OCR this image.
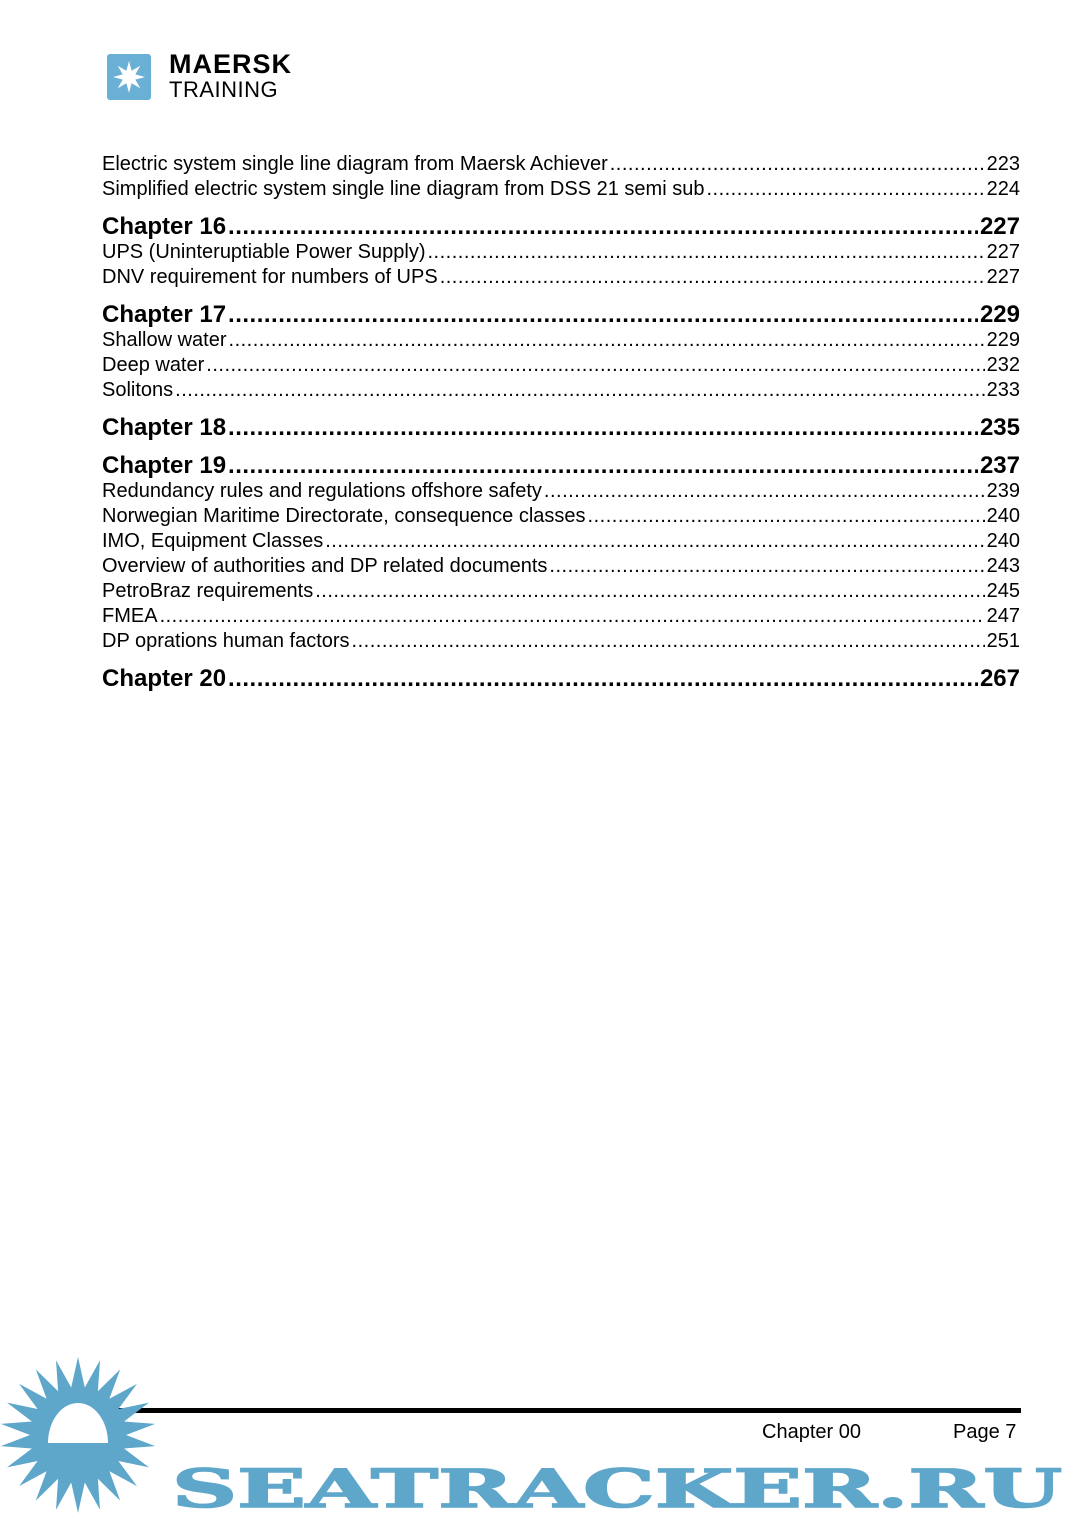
MAERSK
TRAINING
Electric system single line diagram from Maersk Achiever .....	223
Simplified electric system single line diagram from DSS 21 semi sub .....	224
Chapter 16 .....	227
UPS (Uninteruptiable Power Supply) .....	227
DNV requirement for numbers of UPS .....	227
Chapter 17 .....	229
Shallow water .....	229
Deep water .....	232
Solitons .....	233
Chapter 18 .....	235
Chapter 19 .....	237
Redundancy rules and regulations offshore safety .....	239
Norwegian Maritime Directorate, consequence classes .....	240
IMO, Equipment Classes .....	240
Overview of authorities and DP related documents .....	243
PetroBraz requirements .....	245
FMEA .....	247
DP oprations human factors .....	251
Chapter 20 .....	267
SEATRACKER.RU
Chapter 00	Page 7
